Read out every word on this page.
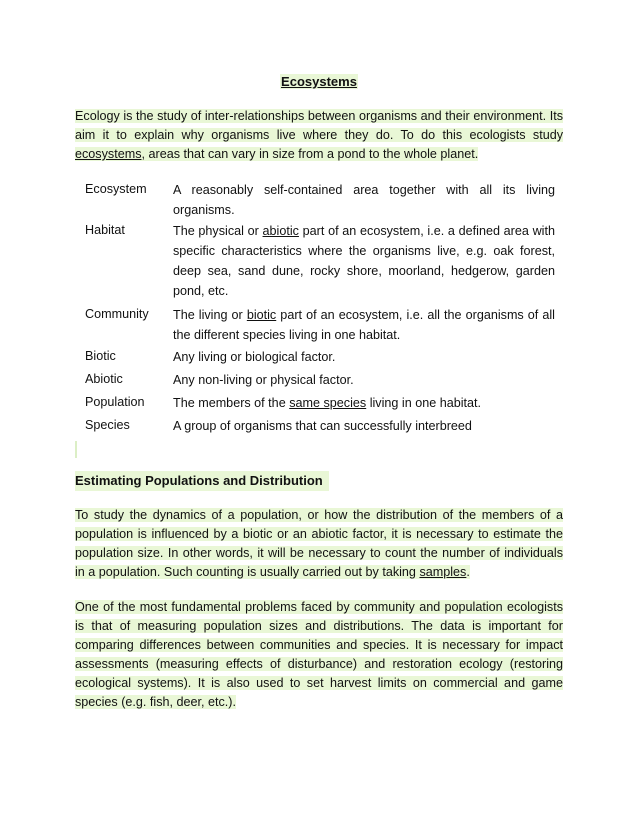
Ecosystems
Ecology is the study of inter-relationships between organisms and their environment. Its aim it to explain why organisms live where they do. To do this ecologists study ecosystems, areas that can vary in size from a pond to the whole planet.
Ecosystem	A reasonably self-contained area together with all its living organisms.
Habitat	The physical or abiotic part of an ecosystem, i.e. a defined area with specific characteristics where the organisms live, e.g. oak forest, deep sea, sand dune, rocky shore, moorland, hedgerow, garden pond, etc.
Community	The living or biotic part of an ecosystem, i.e. all the organisms of all the different species living in one habitat.
Biotic	Any living or biological factor.
Abiotic	Any non-living or physical factor.
Population	The members of the same species living in one habitat.
Species	A group of organisms that can successfully interbreed
Estimating Populations and Distribution
To study the dynamics of a population, or how the distribution of the members of a population is influenced by a biotic or an abiotic factor, it is necessary to estimate the population size. In other words, it will be necessary to count the number of individuals in a population. Such counting is usually carried out by taking samples.
One of the most fundamental problems faced by community and population ecologists is that of measuring population sizes and distributions. The data is important for comparing differences between communities and species. It is necessary for impact assessments (measuring effects of disturbance) and restoration ecology (restoring ecological systems). It is also used to set harvest limits on commercial and game species (e.g. fish, deer, etc.).
